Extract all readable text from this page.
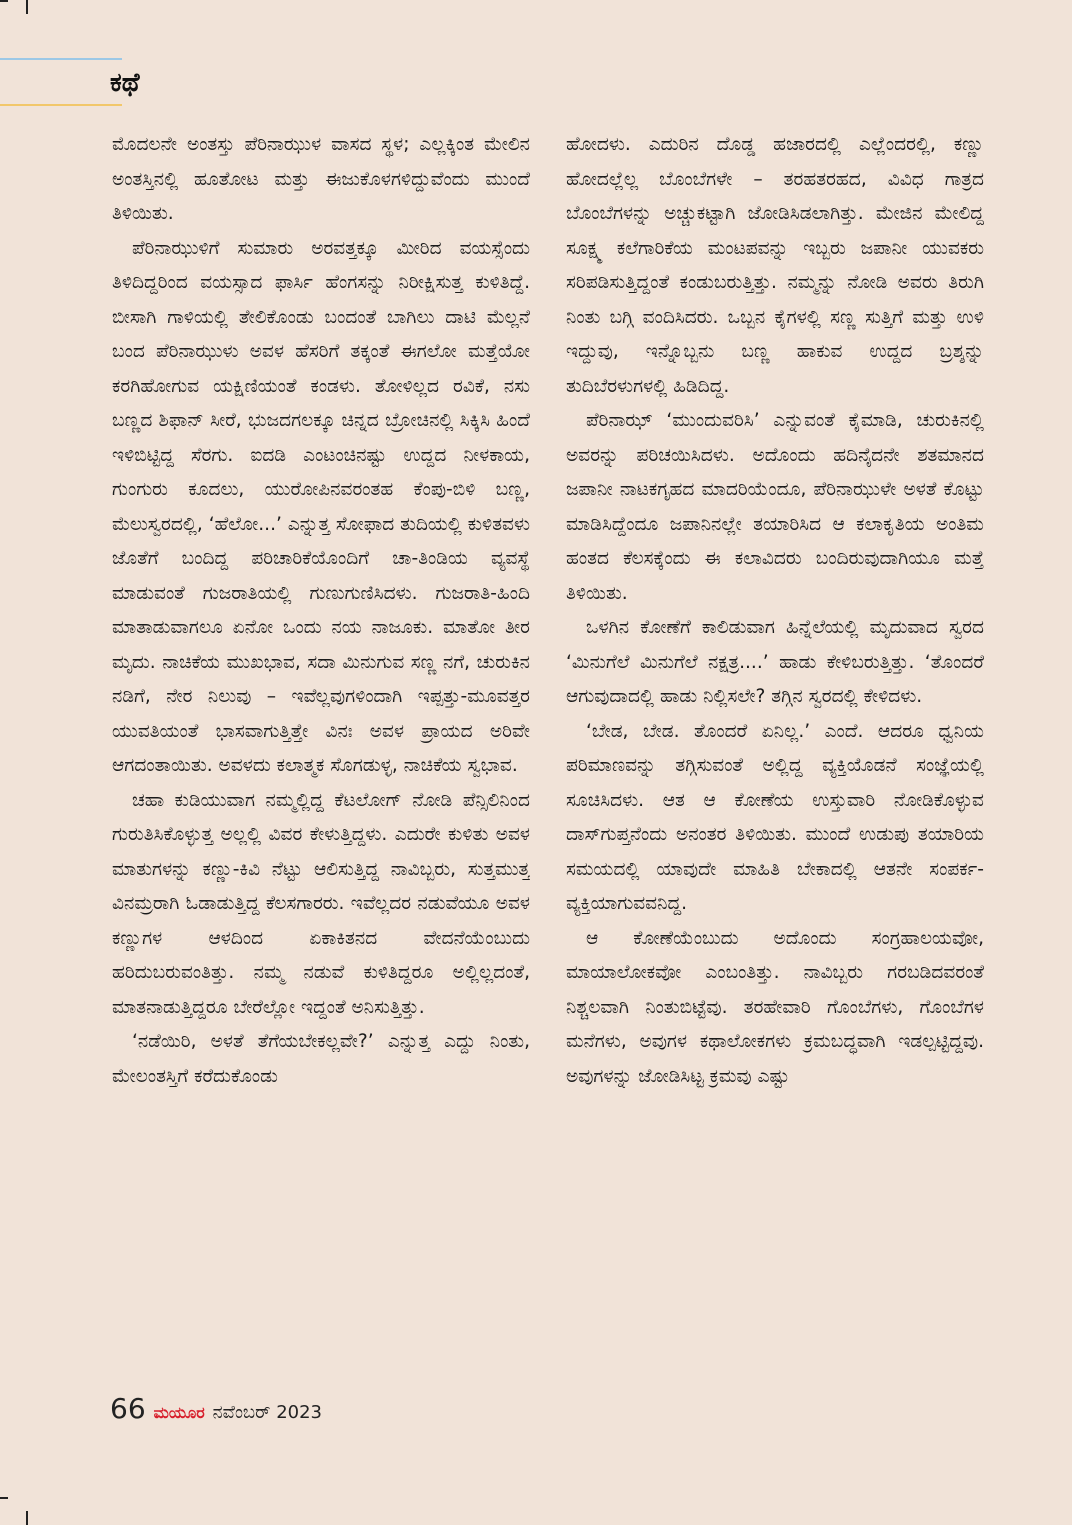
ಕಥೆ

ಮೊದಲನೇ ಅಂತಸ್ತು ಪೆರಿನಾಝುಳ ವಾಸದ ಸ್ಥಳ; ಎಲ್ಲಕ್ಕಿಂತ ಮೇಲಿನ ಅಂತಸ್ತಿನಲ್ಲಿ ಹೂತೋಟ ಮತ್ತು ಈಜುಕೊಳಗಳಿದ್ದುವೆಂದು ಮುಂದೆ ತಿಳಿಯಿತು.

ಪೆರಿನಾಝುಳಿಗೆ ಸುಮಾರು ಅರವತ್ತಕ್ಕೂ ಮೀರಿದ ವಯಸ್ಸೆಂದು ತಿಳಿದಿದ್ದರಿಂದ ವಯಸ್ಸಾದ ಫಾರ್ಸಿ ಹೆಂಗಸನ್ನು ನಿರೀಕ್ಷಿಸುತ್ತ ಕುಳಿತಿದ್ದೆ. ಬೀಸಾಗಿ ಗಾಳಿಯಲ್ಲಿ ತೇಲಿಕೊಂಡು ಬಂದಂತೆ ಬಾಗಿಲು ದಾಟಿ ಮೆಲ್ಲನೆ ಬಂದ ಪೆರಿನಾಝುಳು ಅವಳ ಹೆಸರಿಗೆ ತಕ್ಕಂತೆ ಈಗಲೋ ಮತ್ತೆಯೋ ಕರಗಿಹೋಗುವ ಯಕ್ಷಿಣಿಯಂತೆ ಕಂಡಳು. ತೋಳಿಲ್ಲದ ರವಿಕೆ, ನಸು ಬಣ್ಣದ ಶಿಫಾನ್ ಸೀರೆ, ಭುಜದಗಲಕ್ಕೂ ಚಿನ್ನದ ಬ್ರೋಚಿನಲ್ಲಿ ಸಿಕ್ಕಿಸಿ ಹಿಂದೆ ಇಳಿಬಿಟ್ಟಿದ್ದ ಸೆರಗು. ಐದಡಿ ಎಂಟಂಚಿನಷ್ಟು ಉದ್ದದ ನೀಳಕಾಯ, ಗುಂಗುರು ಕೂದಲು, ಯುರೋಪಿನವರಂತಹ ಕೆಂಪು-ಬಿಳಿ ಬಣ್ಣ, ಮೆಲುಸ್ವರದಲ್ಲಿ, ‘ಹೆಲೋ...’ ಎನ್ನುತ್ತ ಸೋಫಾದ ತುದಿಯಲ್ಲಿ ಕುಳಿತವಳು ಜೊತೆಗೆ ಬಂದಿದ್ದ ಪರಿಚಾರಿಕೆಯೊಂದಿಗೆ ಚಾ-ತಿಂಡಿಯ ವ್ಯವಸ್ಥೆ ಮಾಡುವಂತೆ ಗುಜರಾತಿಯಲ್ಲಿ ಗುಣುಗುಣಿಸಿದಳು. ಗುಜರಾತಿ-ಹಿಂದಿ ಮಾತಾಡುವಾಗಲೂ ಏನೋ ಒಂದು ನಯ ನಾಜೂಕು. ಮಾತೋ ತೀರ ಮೃದು. ನಾಚಿಕೆಯ ಮುಖಭಾವ, ಸದಾ ಮಿನುಗುವ ಸಣ್ಣ ನಗೆ, ಚುರುಕಿನ ನಡಿಗೆ, ನೇರ ನಿಲುವು – ಇವೆಲ್ಲವುಗಳಿಂದಾಗಿ ಇಪ್ಪತ್ತು-ಮೂವತ್ತರ ಯುವತಿಯಂತೆ ಭಾಸವಾಗುತ್ತಿತ್ತೇ ವಿನಃ ಅವಳ ಪ್ರಾಯದ ಅರಿವೇ ಆಗದಂತಾಯಿತು. ಅವಳದು ಕಲಾತ್ಮಕ ಸೊಗಡುಳ್ಳ, ನಾಚಿಕೆಯ ಸ್ವಭಾವ.

ಚಹಾ ಕುಡಿಯುವಾಗ ನಮ್ಮಲ್ಲಿದ್ದ ಕೆಟಲೋಗ್ ನೋಡಿ ಪೆನ್ಸಿಲಿನಿಂದ ಗುರುತಿಸಿಕೊಳ್ಳುತ್ತ ಅಲ್ಲಲ್ಲಿ ವಿವರ ಕೇಳುತ್ತಿದ್ದಳು. ಎದುರೇ ಕುಳಿತು ಅವಳ ಮಾತುಗಳನ್ನು ಕಣ್ಣು-ಕಿವಿ ನೆಟ್ಟು ಆಲಿಸುತ್ತಿದ್ದ ನಾವಿಬ್ಬರು, ಸುತ್ತಮುತ್ತ ವಿನಮ್ರರಾಗಿ ಓಡಾಡುತ್ತಿದ್ದ ಕೆಲಸಗಾರರು. ಇವೆಲ್ಲದರ ನಡುವೆಯೂ ಅವಳ ಕಣ್ಣುಗಳ ಆಳದಿಂದ ಏಕಾಕಿತನದ ವೇದನೆಯೆಂಬುದು ಹರಿದುಬರುವಂತಿತ್ತು. ನಮ್ಮ ನಡುವೆ ಕುಳಿತಿದ್ದರೂ ಅಲ್ಲಿಲ್ಲದಂತೆ, ಮಾತನಾಡುತ್ತಿದ್ದರೂ ಬೇರೆಲ್ಲೋ ಇದ್ದಂತೆ ಅನಿಸುತ್ತಿತ್ತು.

‘ನಡೆಯಿರಿ, ಅಳತೆ ತೆಗೆಯಬೇಕಲ್ಲವೇ?’ ಎನ್ನುತ್ತ ಎದ್ದು ನಿಂತು, ಮೇಲಂತಸ್ತಿಗೆ ಕರೆದುಕೊಂಡು

ಹೋದಳು. ಎದುರಿನ ದೊಡ್ಡ ಹಜಾರದಲ್ಲಿ ಎಲ್ಲೆಂದರಲ್ಲಿ, ಕಣ್ಣು ಹೋದಲ್ಲೆಲ್ಲ ಬೊಂಬೆಗಳೇ – ತರಹತರಹದ, ವಿವಿಧ ಗಾತ್ರದ ಬೊಂಬೆಗಳನ್ನು ಅಚ್ಚುಕಟ್ಟಾಗಿ ಜೋಡಿಸಿಡಲಾಗಿತ್ತು. ಮೇಜಿನ ಮೇಲಿದ್ದ ಸೂಕ್ಷ್ಮ ಕಲೆಗಾರಿಕೆಯ ಮಂಟಪವನ್ನು ಇಬ್ಬರು ಜಪಾನೀ ಯುವಕರು ಸರಿಪಡಿಸುತ್ತಿದ್ದಂತೆ ಕಂಡುಬರುತ್ತಿತ್ತು. ನಮ್ಮನ್ನು ನೋಡಿ ಅವರು ತಿರುಗಿ ನಿಂತು ಬಗ್ಗಿ ವಂದಿಸಿದರು. ಒಬ್ಬನ ಕೈಗಳಲ್ಲಿ ಸಣ್ಣ ಸುತ್ತಿಗೆ ಮತ್ತು ಉಳಿ ಇದ್ದುವು, ಇನ್ನೊಬ್ಬನು ಬಣ್ಣ ಹಾಕುವ ಉದ್ದದ ಬ್ರಶ್ಶನ್ನು ತುದಿಬೆರಳುಗಳಲ್ಲಿ ಹಿಡಿದಿದ್ದ.

ಪೆರಿನಾಝ್ ‘ಮುಂದುವರಿಸಿ’ ಎನ್ನುವಂತೆ ಕೈಮಾಡಿ, ಚುರುಕಿನಲ್ಲಿ ಅವರನ್ನು ಪರಿಚಯಿಸಿದಳು. ಅದೊಂದು ಹದಿನೈದನೇ ಶತಮಾನದ ಜಪಾನೀ ನಾಟಕಗೃಹದ ಮಾದರಿಯೆಂದೂ, ಪೆರಿನಾಝುಳೇ ಅಳತೆ ಕೊಟ್ಟು ಮಾಡಿಸಿದ್ದೆಂದೂ ಜಪಾನಿನಲ್ಲೇ ತಯಾರಿಸಿದ ಆ ಕಲಾಕೃತಿಯ ಅಂತಿಮ ಹಂತದ ಕೆಲಸಕ್ಕೆಂದು ಈ ಕಲಾವಿದರು ಬಂದಿರುವುದಾಗಿಯೂ ಮತ್ತೆ ತಿಳಿಯಿತು.

ಒಳಗಿನ ಕೋಣೆಗೆ ಕಾಲಿಡುವಾಗ ಹಿನ್ನೆಲೆಯಲ್ಲಿ ಮೃದುವಾದ ಸ್ವರದ ‘ಮಿನುಗೆಲೆ ಮಿನುಗೆಲೆ ನಕ್ಷತ್ರ....’ ಹಾಡು ಕೇಳಿಬರುತ್ತಿತ್ತು. ‘ತೊಂದರೆ ಆಗುವುದಾದಲ್ಲಿ ಹಾಡು ನಿಲ್ಲಿಸಲೇ? ತಗ್ಗಿನ ಸ್ವರದಲ್ಲಿ ಕೇಳಿದಳು.

‘ಬೇಡ, ಬೇಡ. ತೊಂದರೆ ಏನಿಲ್ಲ.’ ಎಂದೆ. ಆದರೂ ಧ್ವನಿಯ ಪರಿಮಾಣವನ್ನು ತಗ್ಗಿಸುವಂತೆ ಅಲ್ಲಿದ್ದ ವ್ಯಕ್ತಿಯೊಡನೆ ಸಂಜ್ಞೆಯಲ್ಲಿ ಸೂಚಿಸಿದಳು. ಆತ ಆ ಕೋಣೆಯ ಉಸ್ತುವಾರಿ ನೋಡಿಕೊಳ್ಳುವ ದಾಸ್‌ಗುಪ್ತನೆಂದು ಅನಂತರ ತಿಳಿಯಿತು. ಮುಂದೆ ಉಡುಪು ತಯಾರಿಯ ಸಮಯದಲ್ಲಿ ಯಾವುದೇ ಮಾಹಿತಿ ಬೇಕಾದಲ್ಲಿ ಆತನೇ ಸಂಪರ್ಕ-ವ್ಯಕ್ತಿಯಾಗುವವನಿದ್ದ.

ಆ ಕೋಣೆಯೆಂಬುದು ಅದೊಂದು ಸಂಗ್ರಹಾಲಯವೋ, ಮಾಯಾಲೋಕವೋ ಎಂಬಂತಿತ್ತು. ನಾವಿಬ್ಬರು ಗರಬಡಿದವರಂತೆ ನಿಶ್ಚಲವಾಗಿ ನಿಂತುಬಿಟ್ಟೆವು. ತರಹೇವಾರಿ ಗೊಂಬೆಗಳು, ಗೊಂಬೆಗಳ ಮನೆಗಳು, ಅವುಗಳ ಕಥಾಲೋಕಗಳು ಕ್ರಮಬದ್ಧವಾಗಿ ಇಡಲ್ಪಟ್ಟಿದ್ದವು. ಅವುಗಳನ್ನು ಜೋಡಿಸಿಟ್ಟ ಕ್ರಮವು ಎಷ್ಟು

66 ಮಯೂರ ನವೆಂಬರ್ 2023
